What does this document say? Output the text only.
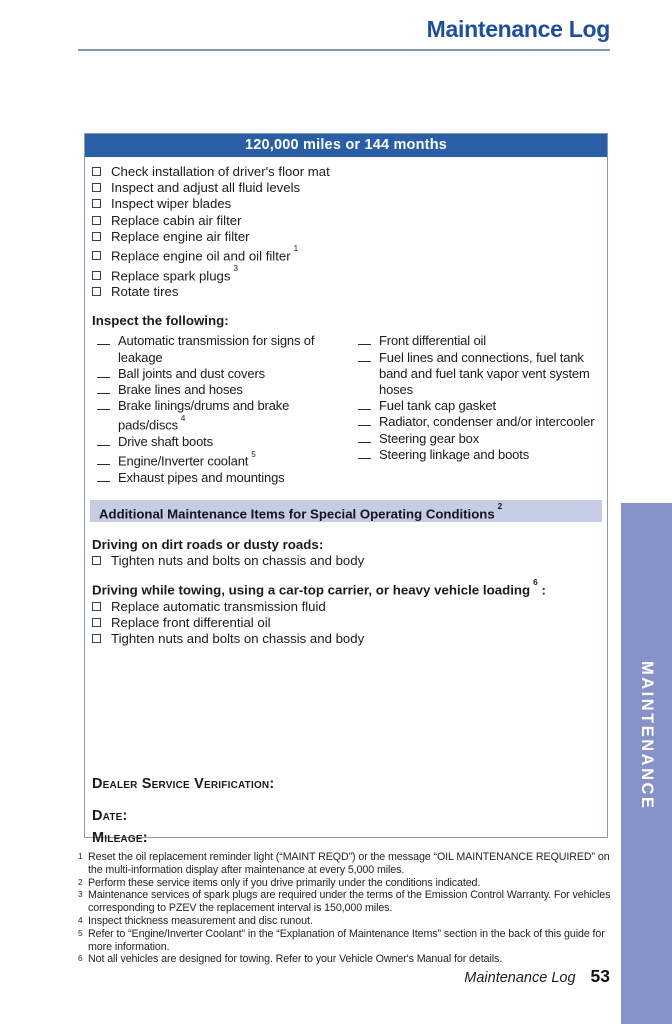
Maintenance Log
120,000 miles or 144 months
Check installation of driver's floor mat
Inspect and adjust all fluid levels
Inspect wiper blades
Replace cabin air filter
Replace engine air filter
Replace engine oil and oil filter $^1$
Replace spark plugs $^3$
Rotate tires
Inspect the following:
Automatic transmission for signs of leakage
Ball joints and dust covers
Brake lines and hoses
Brake linings/drums and brake pads/discs $^4$
Drive shaft boots
Engine/Inverter coolant $^5$
Exhaust pipes and mountings
Front differential oil
Fuel lines and connections, fuel tank band and fuel tank vapor vent system hoses
Fuel tank cap gasket
Radiator, condenser and/or intercooler
Steering gear box
Steering linkage and boots
Additional Maintenance Items for Special Operating Conditions $^2$
Driving on dirt roads or dusty roads:
Tighten nuts and bolts on chassis and body
Driving while towing, using a car-top carrier, or heavy vehicle loading $^6$ :
Replace automatic transmission fluid
Replace front differential oil
Tighten nuts and bolts on chassis and body
Dealer Service Verification:
Date:
Mileage:
$^1$ Reset the oil replacement reminder light (“MAINT REQD”) or the message “OIL MAINTENANCE REQUIRED” on the multi-information display after maintenance at every 5,000 miles.
$^2$ Perform these service items only if you drive primarily under the conditions indicated.
$^3$ Maintenance services of spark plugs are required under the terms of the Emission Control Warranty. For vehicles corresponding to PZEV the replacement interval is 150,000 miles.
$^4$ Inspect thickness measurement and disc runout.
$^5$ Refer to “Engine/Inverter Coolant” in the “Explanation of Maintenance Items” section in the back of this guide for more information.
$^6$ Not all vehicles are designed for towing. Refer to your Vehicle Owner's Manual for details.
Maintenance Log 53
MAINTENANCE
